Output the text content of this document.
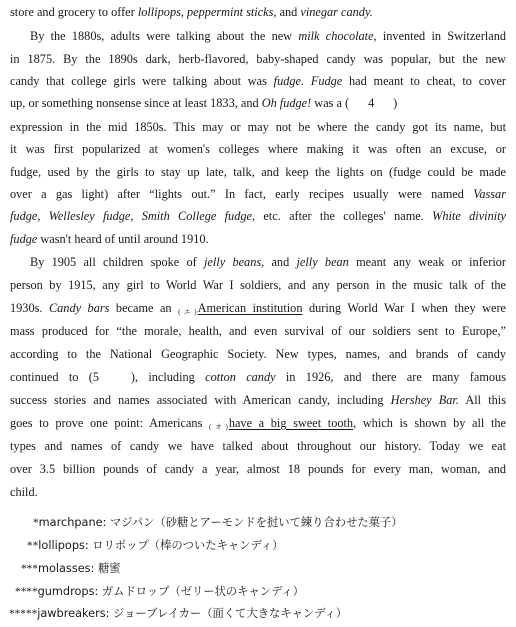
store and grocery to offer lollipops, peppermint sticks, and vinegar candy.
By the 1880s, adults were talking about the new milk chocolate, invented in Switzerland
in 1875. By the 1890s dark, herb-flavored, baby-shaped candy was popular, but the new
candy that college girls were talking about was fudge. Fudge had meant to cheat, to cover
up, or something nonsense since at least 1833, and Oh fudge! was a ( 4 )
expression in the mid 1850s. This may or may not be where the candy got its name, but
it was first popularized at women's colleges where making it was often an excuse, or
fudge, used by the girls to stay up late, talk, and keep the lights on (fudge could be made
over a gas light) after “lights out.” In fact, early recipes usually were named Vassar
fudge, Wellesley fudge, Smith College fudge, etc. after the colleges' name. White divinity
fudge wasn't heard of until around 1910.
By 1905 all children spoke of jelly beans, and jelly bean meant any weak or inferior
person by 1915, any girl to World War I soldiers, and any person in the music talk of the
1930s. Candy bars became an (エ)American institution during World War I when they were
mass produced for “the morale, health, and even survival of our soldiers sent to Europe,”
according to the National Geographic Society. New types, names, and brands of candy
continued to (5	), including cotton candy in 1926, and there are many famous
success stories and names associated with American candy, including Hershey Bar. All this
goes to prove one point: Americans (オ)have a big sweet tooth, which is shown by all the
types and names of candy we have talked about throughout our history. Today we eat
over 3.5 billion pounds of candy a year, almost 18 pounds for every man, woman, and
child.
*marchpane: マジパン（砂糖とアーモンドを挝いて練り合わせた菓子）
**lollipops: ロリポップ（棒のついたキャンディ）
***molasses: 糖蜜
****gumdrops: ガムドロップ（ゼリー状のキャンディ）
*****jawbreakers: ジョーブレイカー（面くて大きなキャンディ）
